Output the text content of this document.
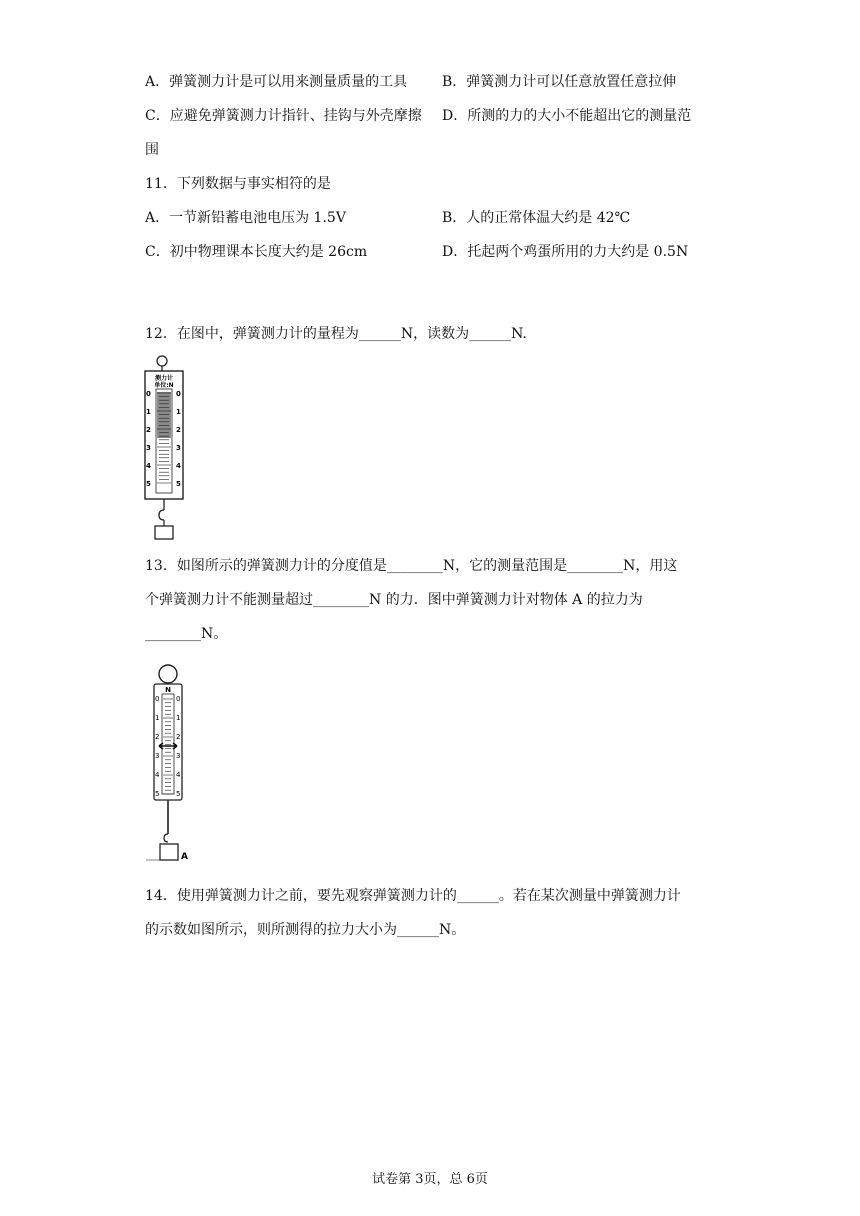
A．弹簧测力计是可以用来测量质量的工具 B．弹簧测力计可以任意放置任意拉伸
C．应避免弹簧测力计指针、挂钩与外壳摩擦 D．所测的力的大小不能超出它的测量范
围
11．下列数据与事实相符的是
A．一节新铅蓄电池电压为 1.5V	B．人的正常体温大约是 42℃
C．初中物理课本长度大约是 26cm	D．托起两个鸡蛋所用的力大约是 0.5N
12．在图中，弹簧测力计的量程为______N，读数为______N.
测力计
单位:N
0
1
2
3
4
5
0
1
2
3
4
5
13．如图所示的弹簧测力计的分度值是________N，它的测量范围是________N，用这
个弹簧测力计不能测量超过________N 的力．图中弹簧测力计对物体 A 的拉力为
________N。
N
0
1
2
3
4
5
0
1
2
3
4
5
A
14．使用弹簧测力计之前，要先观察弹簧测力计的______。若在某次测量中弹簧测力计
的示数如图所示，则所测得的拉力大小为______N。
试卷第 3页，总 6页
